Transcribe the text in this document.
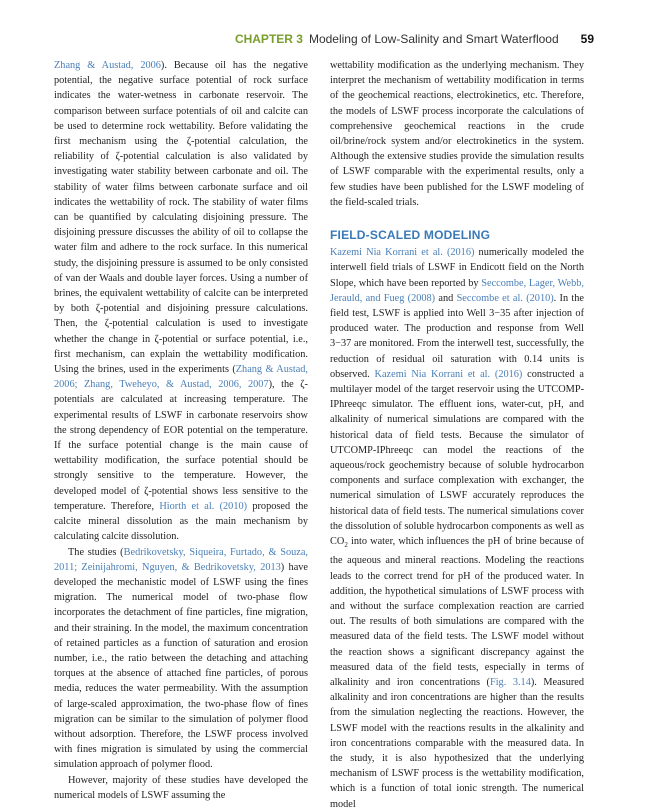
CHAPTER 3 Modeling of Low-Salinity and Smart Waterflood 59

Zhang & Austad, 2006). Because oil has the negative potential, the negative surface potential of rock surface indicates the water-wetness in carbonate reservoir. The comparison between surface potentials of oil and calcite can be used to determine rock wettability. Before validating the first mechanism using the ζ-potential calculation, the reliability of ζ-potential calculation is also validated by investigating water stability between carbonate and oil. The stability of water films between carbonate surface and oil indicates the wettability of rock. The stability of water films can be quantified by calculating disjoining pressure. The disjoining pressure discusses the ability of oil to collapse the water film and adhere to the rock surface. In this numerical study, the disjoining pressure is assumed to be only consisted of van der Waals and double layer forces. Using a number of brines, the equivalent wettability of calcite can be interpreted by both ζ-potential and disjoining pressure calculations. Then, the ζ-potential calculation is used to investigate whether the change in ζ-potential or surface potential, i.e., first mechanism, can explain the wettability modification. Using the brines, used in the experiments (Zhang & Austad, 2006; Zhang, Tweheyo, & Austad, 2006, 2007), the ζ-potentials are calculated at increasing temperature. The experimental results of LSWF in carbonate reservoirs show the strong dependency of EOR potential on the temperature. If the surface potential change is the main cause of wettability modification, the surface potential should be strongly sensitive to the temperature. However, the developed model of ζ-potential shows less sensitive to the temperature. Therefore, Hiorth et al. (2010) proposed the calcite mineral dissolution as the main mechanism by calculating calcite dissolution.

The studies (Bedrikovetsky, Siqueira, Furtado, & Souza, 2011; Zeinijahromi, Nguyen, & Bedrikovetsky, 2013) have developed the mechanistic model of LSWF using the fines migration. The numerical model of two-phase flow incorporates the detachment of fine particles, fine migration, and their straining. In the model, the maximum concentration of retained particles as a function of saturation and erosion number, i.e., the ratio between the detaching and attaching torques at the absence of attached fine particles, of porous media, reduces the water permeability. With the assumption of large-scaled approximation, the two-phase flow of fines migration can be similar to the simulation of polymer flood without adsorption. Therefore, the LSWF process involved with fines migration is simulated by using the commercial simulation approach of polymer flood.

However, majority of these studies have developed the numerical models of LSWF assuming the

wettability modification as the underlying mechanism. They interpret the mechanism of wettability modification in terms of the geochemical reactions, electrokinetics, etc. Therefore, the models of LSWF process incorporate the calculations of comprehensive geochemical reactions in the crude oil/brine/rock system and/or electrokinetics in the system. Although the extensive studies provide the simulation results of LSWF comparable with the experimental results, only a few studies have been published for the LSWF modeling of the field-scaled trials.

FIELD-SCALED MODELING

Kazemi Nia Korrani et al. (2016) numerically modeled the interwell field trials of LSWF in Endicott field on the North Slope, which have been reported by Seccombe, Lager, Webb, Jerauld, and Fueg (2008) and Seccombe et al. (2010). In the field test, LSWF is applied into Well 3−35 after injection of produced water. The production and response from Well 3−37 are monitored. From the interwell test, successfully, the reduction of residual oil saturation with 0.14 units is observed. Kazemi Nia Korrani et al. (2016) constructed a multilayer model of the target reservoir using the UTCOMP-IPhreeqc simulator. The effluent ions, water-cut, pH, and alkalinity of numerical simulations are compared with the historical data of field tests. Because the simulator of UTCOMP-IPhreeqc can model the reactions of the aqueous/rock geochemistry because of soluble hydrocarbon components and surface complexation with exchanger, the numerical simulation of LSWF accurately reproduces the historical data of field tests. The numerical simulations cover the dissolution of soluble hydrocarbon components as well as $CO_2$ into water, which influences the pH of brine because of the aqueous and mineral reactions. Modeling the reactions leads to the correct trend for pH of the produced water. In addition, the hypothetical simulations of LSWF process with and without the surface complexation reaction are carried out. The results of both simulations are compared with the measured data of the field tests. The LSWF model without the reaction shows a significant discrepancy against the measured data of the field tests, especially in terms of alkalinity and iron concentrations (Fig. 3.14). Measured alkalinity and iron concentrations are higher than the results from the simulation neglecting the reactions. However, the LSWF model with the reactions results in the alkalinity and iron concentrations comparable with the measured data. In the study, it is also hypothesized that the underlying mechanism of LSWF process is the wettability modification, which is a function of total ionic strength. The numerical model
